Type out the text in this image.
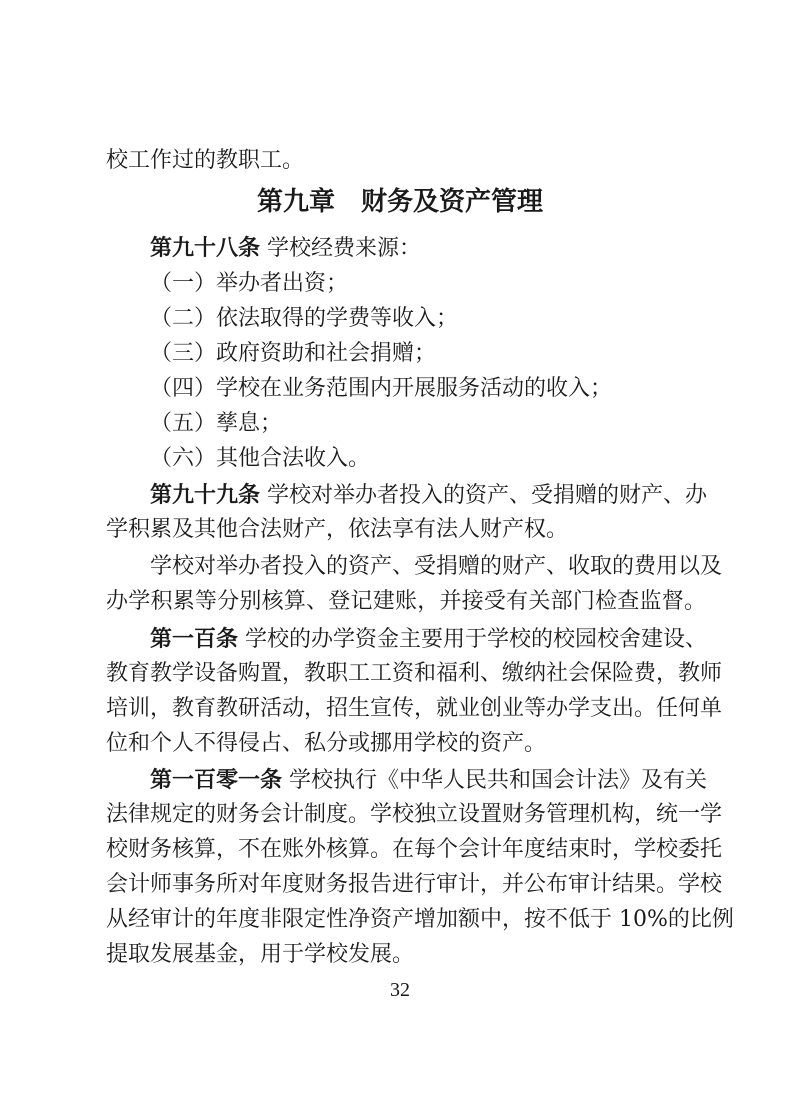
校工作过的教职工。
第九章　财务及资产管理
第九十八条 学校经费来源：
（一）举办者出资；
（二）依法取得的学费等收入；
（三）政府资助和社会捐赠；
（四）学校在业务范围内开展服务活动的收入；
（五）孳息；
（六）其他合法收入。
第九十九条 学校对举办者投入的资产、受捐赠的财产、办
学积累及其他合法财产，依法享有法人财产权。
学校对举办者投入的资产、受捐赠的财产、收取的费用以及
办学积累等分别核算、登记建账，并接受有关部门检查监督。
第一百条 学校的办学资金主要用于学校的校园校舍建设、
教育教学设备购置，教职工工资和福利、缴纳社会保险费，教师
培训，教育教研活动，招生宣传，就业创业等办学支出。任何单
位和个人不得侵占、私分或挪用学校的资产。
第一百零一条 学校执行《中华人民共和国会计法》及有关
法律规定的财务会计制度。学校独立设置财务管理机构，统一学
校财务核算，不在账外核算。在每个会计年度结束时，学校委托
会计师事务所对年度财务报告进行审计，并公布审计结果。学校
从经审计的年度非限定性净资产增加额中，按不低于 10%的比例
提取发展基金，用于学校发展。
32
